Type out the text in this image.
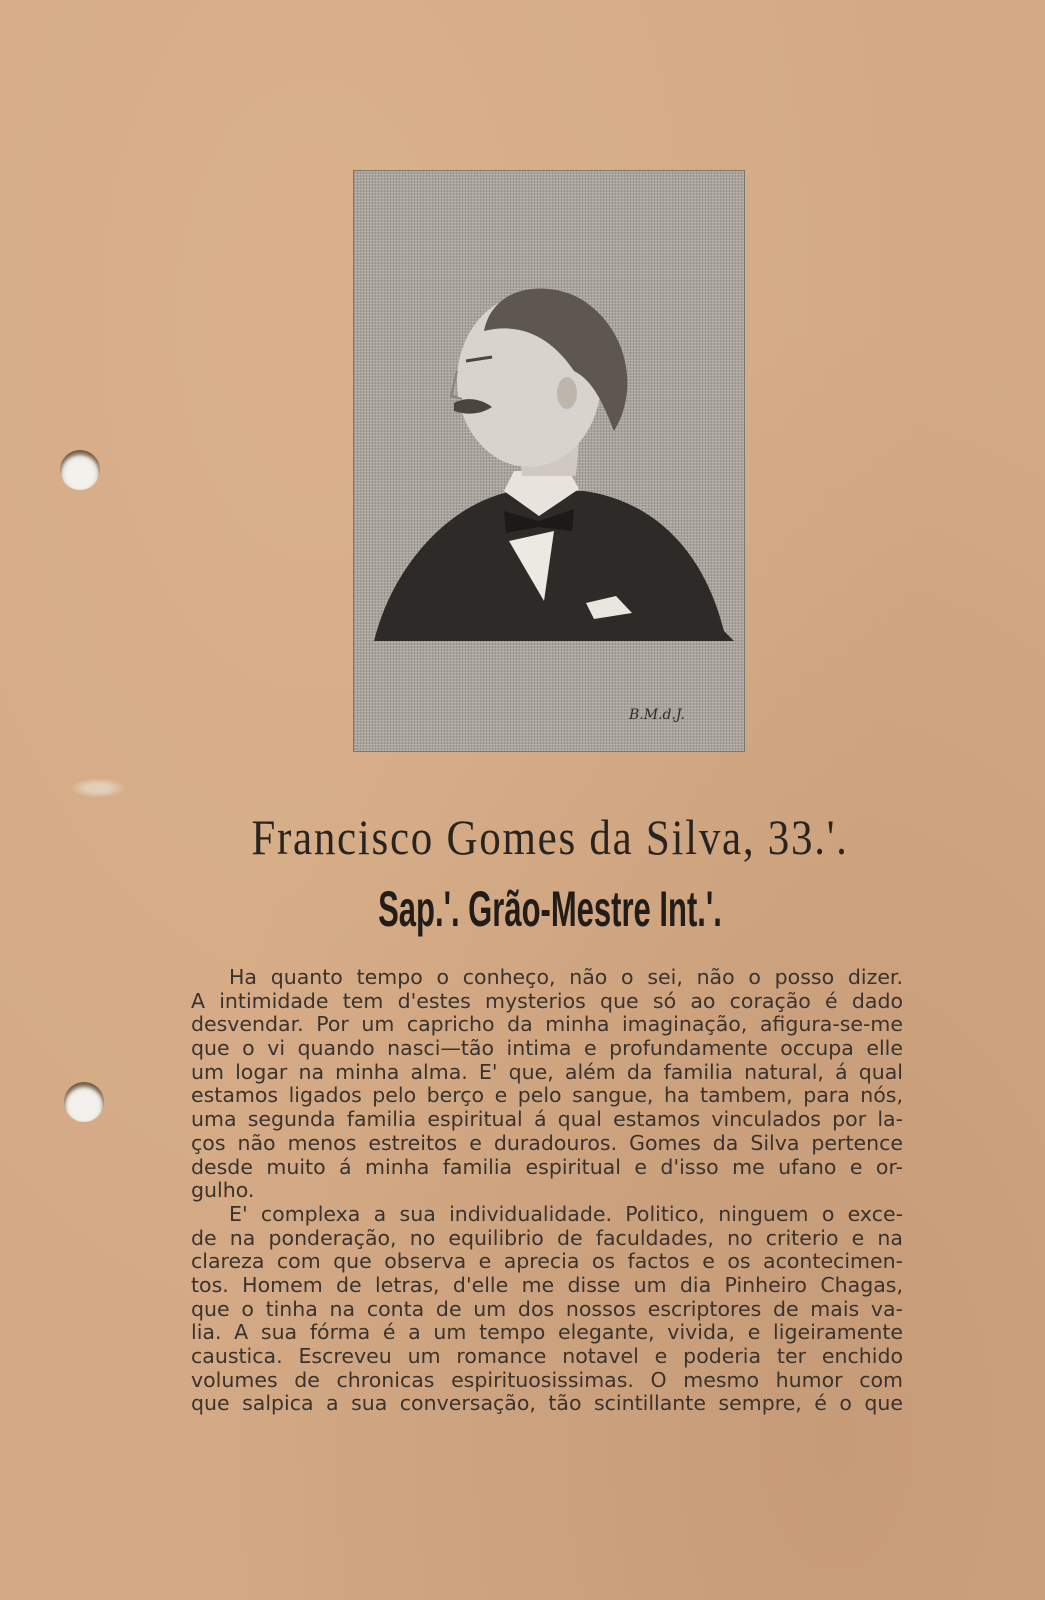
B.M.d.J.
Francisco Gomes da Silva, 33.'.
Sap.'. Grão-Mestre Int.'.
Ha quanto tempo o conheço, não o sei, não o posso dizer.
A intimidade tem d'estes mysterios que só ao coração é dado
desvendar. Por um capricho da minha imaginação, afigura-se-me
que o vi quando nasci—tão intima e profundamente occupa elle
um logar na minha alma. E' que, além da familia natural, á qual
estamos ligados pelo berço e pelo sangue, ha tambem, para nós,
uma segunda familia espiritual á qual estamos vinculados por la-
ços não menos estreitos e duradouros. Gomes da Silva pertence
desde muito á minha familia espiritual e d'isso me ufano e or-
gulho.
E' complexa a sua individualidade. Politico, ninguem o exce-
de na ponderação, no equilibrio de faculdades, no criterio e na
clareza com que observa e aprecia os factos e os acontecimen-
tos. Homem de letras, d'elle me disse um dia Pinheiro Chagas,
que o tinha na conta de um dos nossos escriptores de mais va-
lia. A sua fórma é a um tempo elegante, vivida, e ligeiramente
caustica. Escreveu um romance notavel e poderia ter enchido
volumes de chronicas espirituosissimas. O mesmo humor com
que salpica a sua conversação, tão scintillante sempre, é o que
